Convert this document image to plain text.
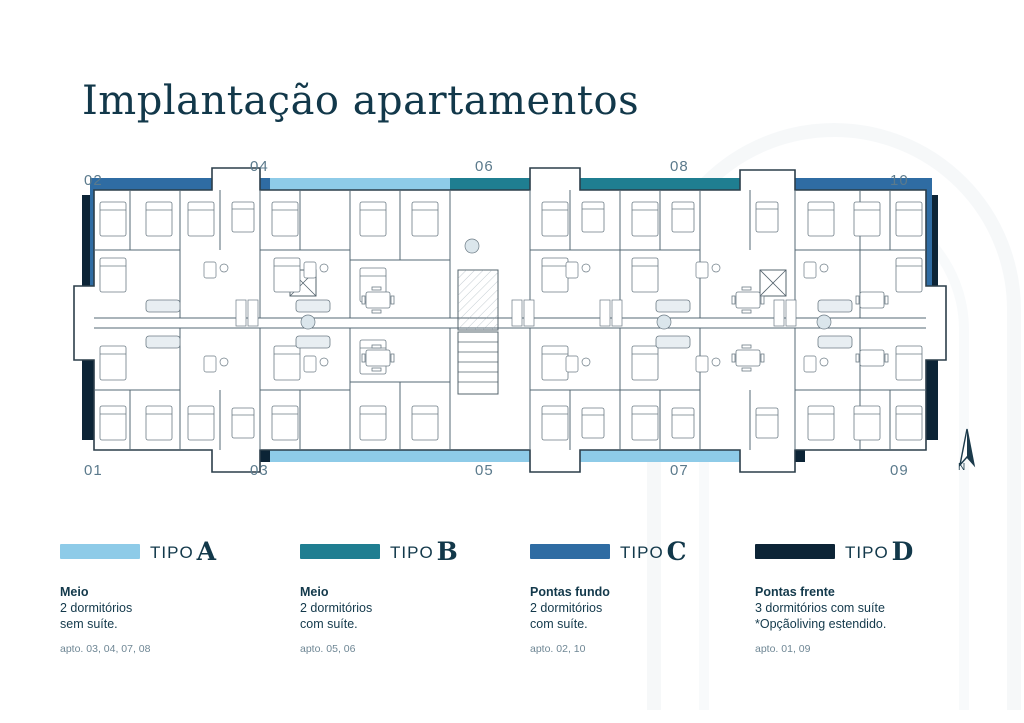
Implantação apartamentos
02
04	06	08
10
01	03	05	07	09	N
TIPO A
Meio
2 dormitórios
sem suíte.
apto. 03, 04, 07, 08
TIPO B
Meio
2 dormitórios
com suíte.
apto. 05, 06
TIPO C
Pontas fundo
2 dormitórios
com suíte.
apto. 02, 10
TIPO D
Pontas frente
3 dormitórios com suíte
*Opçãoliving estendido.
apto. 01, 09
